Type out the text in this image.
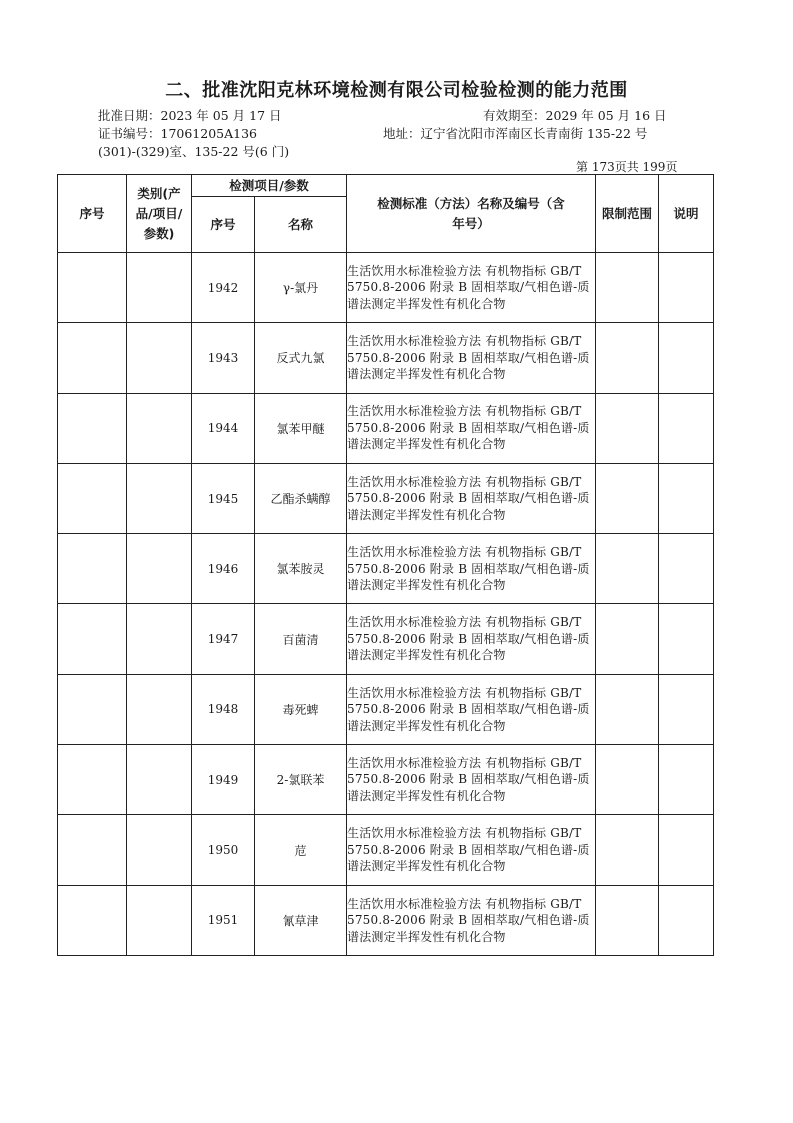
二、批准沈阳克林环境检测有限公司检验检测的能力范围
批准日期：2023 年 05 月 17 日	有效期至：2029 年 05 月 16 日
证书编号：17061205A136	地址：辽宁省沈阳市浑南区长青南街 135-22 号
(301)-(329)室、135-22 号(6 门)
第 173页共 199页
序号	类别(产品/项目/参数)	检测项目/参数		检测标准（方法）名称及编号（含年号）	限制范围	说明
		序号	名称			
		1942	γ-氯丹	生活饮用水标准检验方法 有机物指标 GB/T 5750.8-2006 附录 B 固相萃取/气相色谱-质谱法测定半挥发性有机化合物		
		1943	反式九氯	生活饮用水标准检验方法 有机物指标 GB/T 5750.8-2006 附录 B 固相萃取/气相色谱-质谱法测定半挥发性有机化合物		
		1944	氯苯甲醚	生活饮用水标准检验方法 有机物指标 GB/T 5750.8-2006 附录 B 固相萃取/气相色谱-质谱法测定半挥发性有机化合物		
		1945	乙酯杀螨醇	生活饮用水标准检验方法 有机物指标 GB/T 5750.8-2006 附录 B 固相萃取/气相色谱-质谱法测定半挥发性有机化合物		
		1946	氯苯胺灵	生活饮用水标准检验方法 有机物指标 GB/T 5750.8-2006 附录 B 固相萃取/气相色谱-质谱法测定半挥发性有机化合物		
		1947	百菌清	生活饮用水标准检验方法 有机物指标 GB/T 5750.8-2006 附录 B 固相萃取/气相色谱-质谱法测定半挥发性有机化合物		
		1948	毒死蜱	生活饮用水标准检验方法 有机物指标 GB/T 5750.8-2006 附录 B 固相萃取/气相色谱-质谱法测定半挥发性有机化合物		
		1949	2-氯联苯	生活饮用水标准检验方法 有机物指标 GB/T 5750.8-2006 附录 B 固相萃取/气相色谱-质谱法测定半挥发性有机化合物		
		1950	苊	生活饮用水标准检验方法 有机物指标 GB/T 5750.8-2006 附录 B 固相萃取/气相色谱-质谱法测定半挥发性有机化合物		
		1951	氰草津	生活饮用水标准检验方法 有机物指标 GB/T 5750.8-2006 附录 B 固相萃取/气相色谱-质谱法测定半挥发性有机化合物		
